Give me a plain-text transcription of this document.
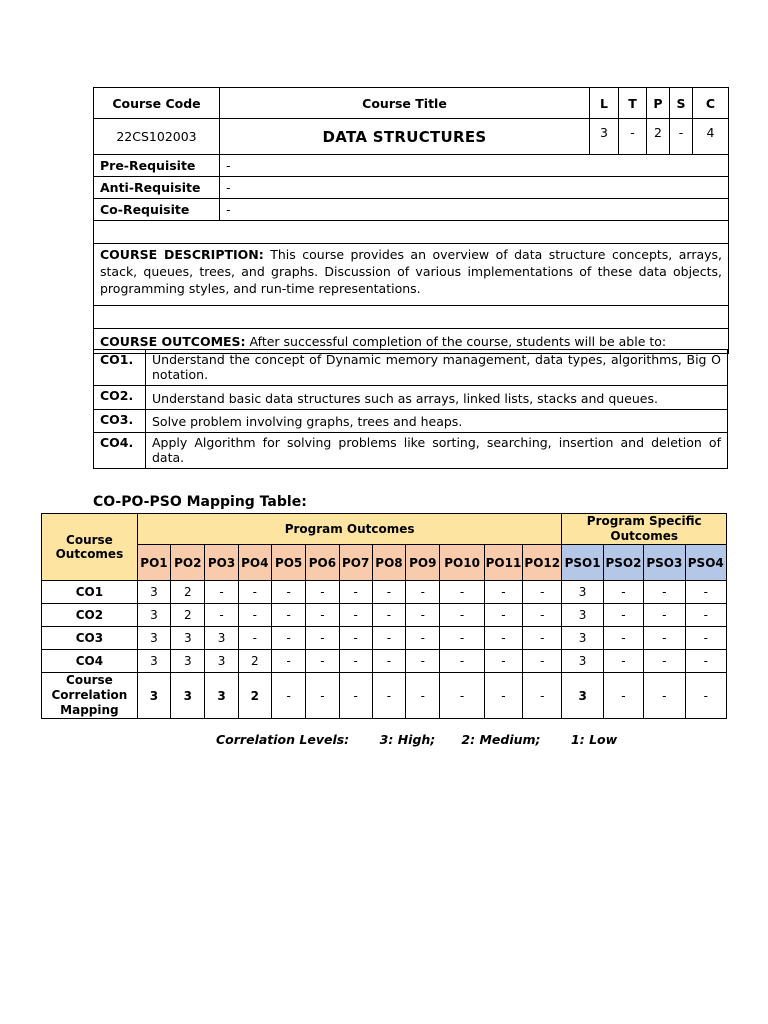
Course Code	Course Title	L	T	P	S	C
22CS102003	DATA STRUCTURES	3	-	2	-	4
Pre-Requisite	-					
Anti-Requisite	-					
Co-Requisite	-					

COURSE DESCRIPTION: This course provides an overview of data structure concepts, arrays, stack, queues, trees, and graphs. Discussion of various implementations of these data objects, programming styles, and run-time representations.						

COURSE OUTCOMES: After successful completion of the course, students will be able to:						
CO1.	Understand the concept of Dynamic memory management, data types, algorithms, Big O notation.
CO2.	Understand basic data structures such as arrays, linked lists, stacks and queues.
CO3.	Solve problem involving graphs, trees and heaps.
CO4.	Apply Algorithm for solving problems like sorting, searching, insertion and deletion of data.

CO-PO-PSO Mapping Table:

Course Outcomes	Program Outcomes												Program Specific Outcomes			
	PO1	PO2	PO3	PO4	PO5	PO6	PO7	PO8	PO9	PO10	PO11	PO12	PSO1	PSO2	PSO3	PSO4
CO1	3	2	-	-	-	-	-	-	-	-	-	-	3	-	-	-
CO2	3	2	-	-	-	-	-	-	-	-	-	-	3	-	-	-
CO3	3	3	3	-	-	-	-	-	-	-	-	-	3	-	-	-
CO4	3	3	3	2	-	-	-	-	-	-	-	-	3	-	-	-
Course Correlation Mapping	3	3	3	2	-	-	-	-	-	-	-	-	3	-	-	-

Correlation Levels: 3: High; 2: Medium; 1: Low
